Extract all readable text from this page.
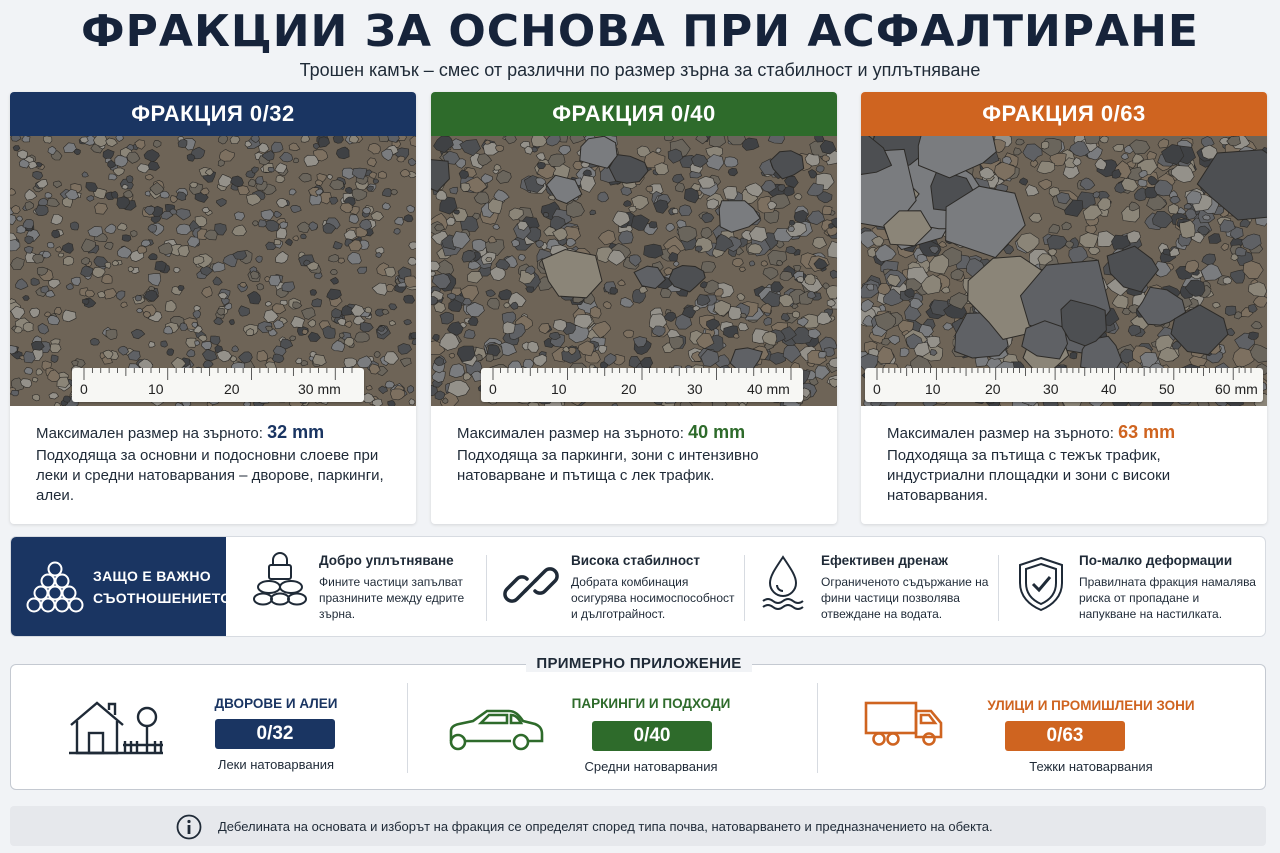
ФРАКЦИИ ЗА ОСНОВА ПРИ АСФАЛТИРАНЕ
Трошен камък – смес от различни по размер зърна за стабилност и уплътняване
ФРАКЦИЯ 0/32
0	10	20	30 mm
Максимален размер на зърното: 32 mm
Подходяща за основни и подосновни слоеве при леки и средни натоварвания – дворове, паркинги, алеи.
ФРАКЦИЯ 0/40
0	10	20	30	40 mm
Максимален размер на зърното: 40 mm
Подходяща за паркинги, зони с интензивно натоварване и пътища с лек трафик.
ФРАКЦИЯ 0/63
0	10	20	30	40	50	60 mm
Максимален размер на зърното: 63 mm
Подходяща за пътища с тежък трафик, индустриални площадки и зони с високи натоварвания.
ЗАЩО Е ВАЖНО
СЪОТНОШЕНИЕТО
Добро уплътняване
Фините частици запълват празнините между едрите зърна.
Висока стабилност
Добрата комбинация осигурява носимоспособност и дълготрайност.
Ефективен дренаж
Ограниченото съдържание на фини частици позволява отвеждане на водата.
По-малко деформации
Правилната фракция намалява риска от пропадане и напукване на настилката.
ПРИМЕРНО ПРИЛОЖЕНИЕ
ДВОРОВЕ И АЛЕИ
0/32
Леки натоварвания
ПАРКИНГИ И ПОДХОДИ
0/40
Средни натоварвания
УЛИЦИ И ПРОМИШЛЕНИ ЗОНИ
0/63
Тежки натоварвания
Дебелината на основата и изборът на фракция се определят според типа почва, натоварването и предназначението на обекта.
